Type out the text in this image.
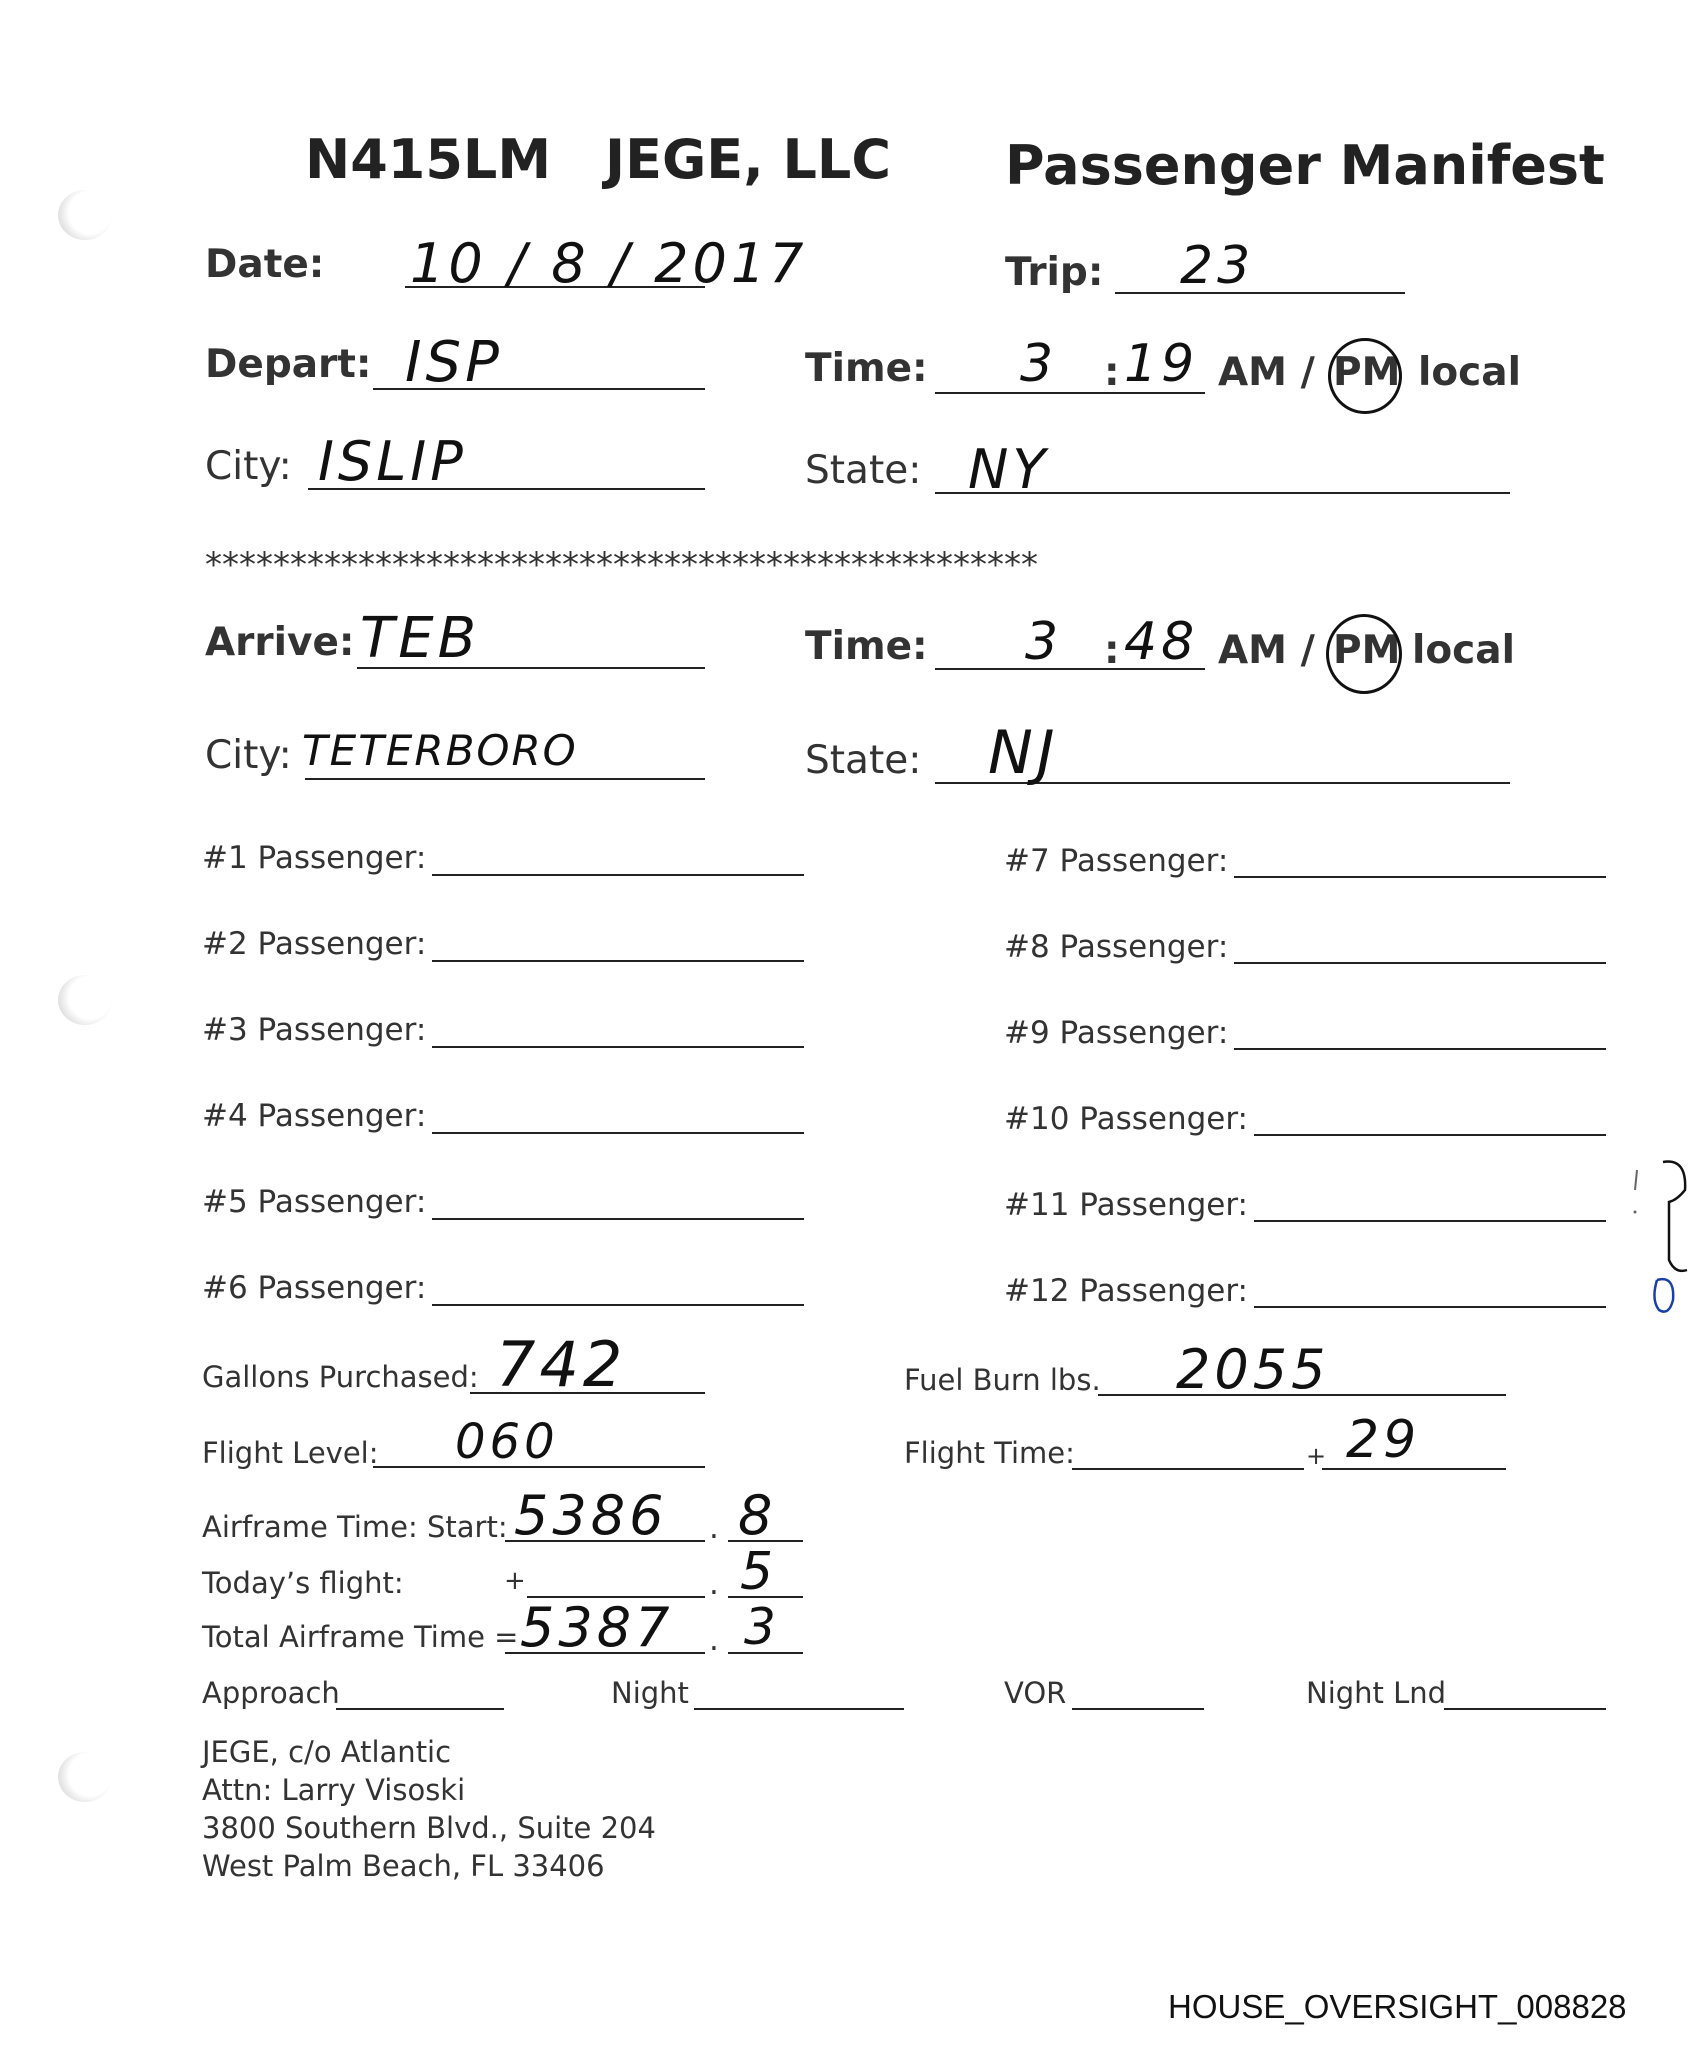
N415LM JEGE, LLC Passenger Manifest
Date: 10 / 8 / 2017	Trip: 23
Depart: ISP	Time: 3 : 19 AM / PM local
City: ISLIP	State: NY
*************************************************
Arrive: TEB	Time: 3 : 48 AM / PM local
City: TETERBORO	State: NJ
#1 Passenger:
#2 Passenger:
#3 Passenger:
#4 Passenger:
#5 Passenger:
#6 Passenger:
#7 Passenger:
#8 Passenger:
#9 Passenger:
#10 Passenger:
#11 Passenger:
#12 Passenger:
Gallons Purchased: 742	Fuel Burn lbs. 2055
Flight Level: 060	Flight Time:	+ 29
Airframe Time: Start: 5386 . 8
Today’s flight:	+	. 5
Total Airframe Time = 5387 . 3
Approach	Night	VOR	Night Lnd
JEGE, c/o Atlantic
Attn: Larry Visoski
3800 Southern Blvd., Suite 204
West Palm Beach, FL 33406
HOUSE_OVERSIGHT_008828
